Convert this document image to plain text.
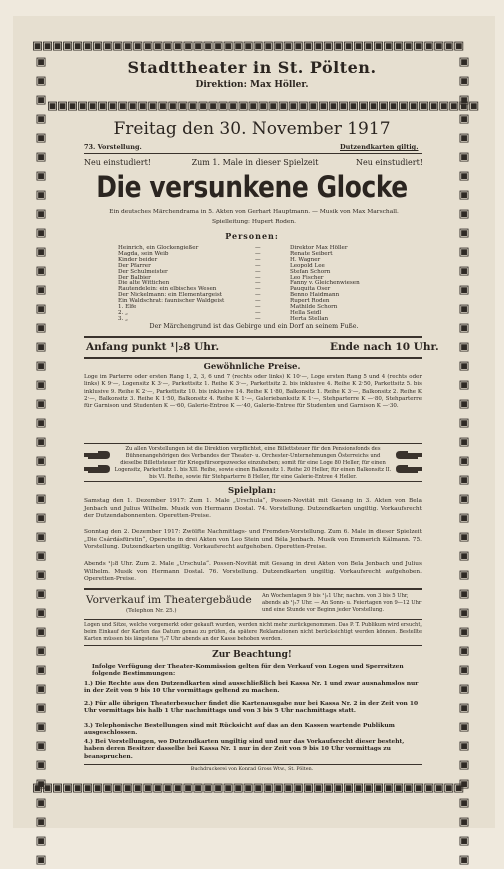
▣▣▣▣▣▣▣▣▣▣▣▣▣▣▣▣▣▣▣▣▣▣▣▣▣▣▣▣▣▣▣▣▣▣▣▣▣▣▣▣▣▣▣
▣▣▣▣▣▣▣▣▣▣▣▣▣▣▣▣▣▣▣▣▣▣▣▣▣▣▣▣▣▣▣▣▣▣▣▣▣▣▣▣▣▣▣
▣▣▣▣▣▣▣▣▣▣▣▣▣▣▣▣▣▣▣▣▣▣▣▣▣▣▣▣▣▣▣▣▣▣▣▣▣▣▣▣▣▣▣	▣▣▣▣▣▣▣▣▣▣▣▣▣▣▣▣▣▣▣▣▣▣▣▣▣▣▣▣▣▣▣▣▣▣▣▣▣▣▣▣▣▣▣
▣▣▣▣▣▣▣▣▣▣▣▣▣▣▣▣▣▣▣▣▣▣▣▣▣▣▣▣▣▣▣▣▣▣▣▣▣▣▣▣▣▣▣
Stadttheater in St. Pölten.
Direktion: Max Höller.
Freitag den 30. November 1917
73. Vorstellung.	Dutzendkarten giltig.
Neu einstudiert!	Zum 1. Male in dieser Spielzeit	Neu einstudiert!
Die versunkene Glocke
Ein deutsches Märchendrama in 5. Akten von Gerhart Hauptmann. — Musik von Max Marschall.
Spielleitung: Hupert Roden.
Personen:
Heinrich, ein Glockengießer	—	Direktor Max Höller
Magda, sein Weib	—	Renate Seibert
Kinder beider	—	H. Wagner
Der Pfarrer	—	Leopold Lee
Der Schulmeister	—	Stefan Schorn
Der Balbier	—	Leo Fischer
Die alte Wittichen	—	Fanny v. Gleichenwiesen
Rautendelein: ein elbisches Wesen	—	Pauquita Oser
Der Nickelmann: ein Elementargeist	—	Benno Haidmann
Ein Waldschrat: faunischer Waldgeist	—	Rupert Roden
1. Elfe	—	Mathilde Schorn
2. „	—	Hella Seidl
3. „	—	Herta Stellan
Der Märchengrund ist das Gebirge und ein Dorf an seinem Fuße.
Anfang punkt ¹|₂8 Uhr.	Ende nach 10 Uhr.
Gewöhnliche Preise.
Loge im Parterre oder ersten Rang 1, 2, 3, 6 und 7 (rechts oder links) K 10·—, Loge ersten Rang 5 und 4 (rechts oder links) K 9·—, Logensitz K 3·—, Parkettsitz 1. Reihe K 3·—, Parkettsitz 2. bis inklusive 4. Reihe K 2·50, Parkettsitz 5. bis inklusive 9. Reihe K 2·—, Parkettsitz 10. bis inklusive 14. Reihe K 1·80, Balkonsitz 1. Reihe K 3·—, Balkonsitz 2. Reihe K 2·—, Balkonsitz 3. Reihe K 1·50, Balkonsitz 4. Reihe K 1·—, Galeriebanksitz K 1·—, Stehparterre K —·80, Stehparterre für Garnison und Studenten K —·60, Galerie-Entree K —·40, Galerie-Entree für Studenten und Garnison K —·30.
Zu allen Vorstellungen ist die Direktion verpflichtet, eine Billettsteuer für den Pensionsfonds des Bühnenangehörigen des Verbandes der Theater- u. Orchester-Unternehmungen Österreichs und dieselbe Billettsteuer für Kriegsfürsorgezwecke einzuheben; somit für eine Loge 80 Heller, für einen Logensitz, Parkettsitz 1. bis XII. Reihe, sowie einen Balkonsitz 1. Reihe 20 Heller, für einen Balkonsitz II. bis VI. Reihe, sowie für Stehparterre 8 Heller, für eine Galerie-Entree 4 Heller.
Spielplan:
Samstag den 1. Dezember 1917: Zum 1. Male „Urschula“, Possen-Novität mit Gesang in 3. Akten von Bela Jenbach und Julius Wilhelm. Musik von Hermann Dostal. 74. Vorstellung. Dutzendkarten ungiltig. Vorkaufsrecht der Dutzendabonnenten. Operetten-Preise.
Sonntag den 2. Dezember 1917: Zwölfte Nachmittags- und Fremden-Vorstellung. Zum 6. Male in dieser Spielzeit „Die Csárdásfürstin“, Operette in drei Akten von Leo Stein und Béla Jenbach. Musik von Emmerich Kálmann. 75. Vorstellung. Dutzendkarten ungiltig. Vorkaufsrecht aufgehoben. Operetten-Preise.
Abends ¹|₂8 Uhr. Zum 2. Male „Urschula“. Possen-Novität mit Gesang in drei Akten von Bela Jenbach und Julius Wilhelm. Musik von Hermann Dostal. 76. Vorstellung. Dutzendkarten ungiltig. Vorkaufsrecht aufgehoben. Operetten-Preise.
Vorverkauf im Theatergebäude
(Telephon Nr. 25.)
An Wochentagen 9 bis ¹|₂1 Uhr, nachm. von 3 bis 5 Uhr, abends ab ¹|₂7 Uhr. — An Sonn- u. Feiertagen von 9—12 Uhr und eine Stunde vor Beginn jeder Vorstellung.
Logen und Sitze, welche vorgemerkt oder gekauft wurden, werden nicht mehr zurückgenommen. Das P. T. Publikum wird ersucht, beim Einkauf der Karten das Datum genau zu prüfen, da spätere Reklamationen nicht berücksichtigt werden können. Bestellte Karten müssen bis längstens ¹|₂7 Uhr abends an der Kasse behoben werden.
Zur Beachtung!
Infolge Verfügung der Theater-Kommission gelten für den Verkauf von Logen und Sperrsitzen folgende Bestimmungen:
1.) Die Rechte aus den Dutzendkarten sind ausschließlich bei Kassa Nr. 1 und zwar ausnahmslos nur in der Zeit von 9 bis 10 Uhr vormittags geltend zu machen.
2.) Für alle übrigen Theaterbesucher findet die Kartenausgabe nur bei Kassa Nr. 2 in der Zeit von 10 Uhr vormittags bis halb 1 Uhr nachmittags und von 3 bis 5 Uhr nachmittags statt.
3.) Telephonische Bestellungen sind mit Rücksicht auf das an den Kassen wartende Publikum ausgeschlossen.
4.) Bei Vorstellungen, wo Dutzendkarten ungiltig sind und nur das Vorkaufsrecht dieser besteht, haben deren Besitzer dasselbe bei Kassa Nr. 1 nur in der Zeit von 9 bis 10 Uhr vormittags zu beanspruchen.
Buchdruckerei von Konrad Gross Wtw., St. Pölten.
